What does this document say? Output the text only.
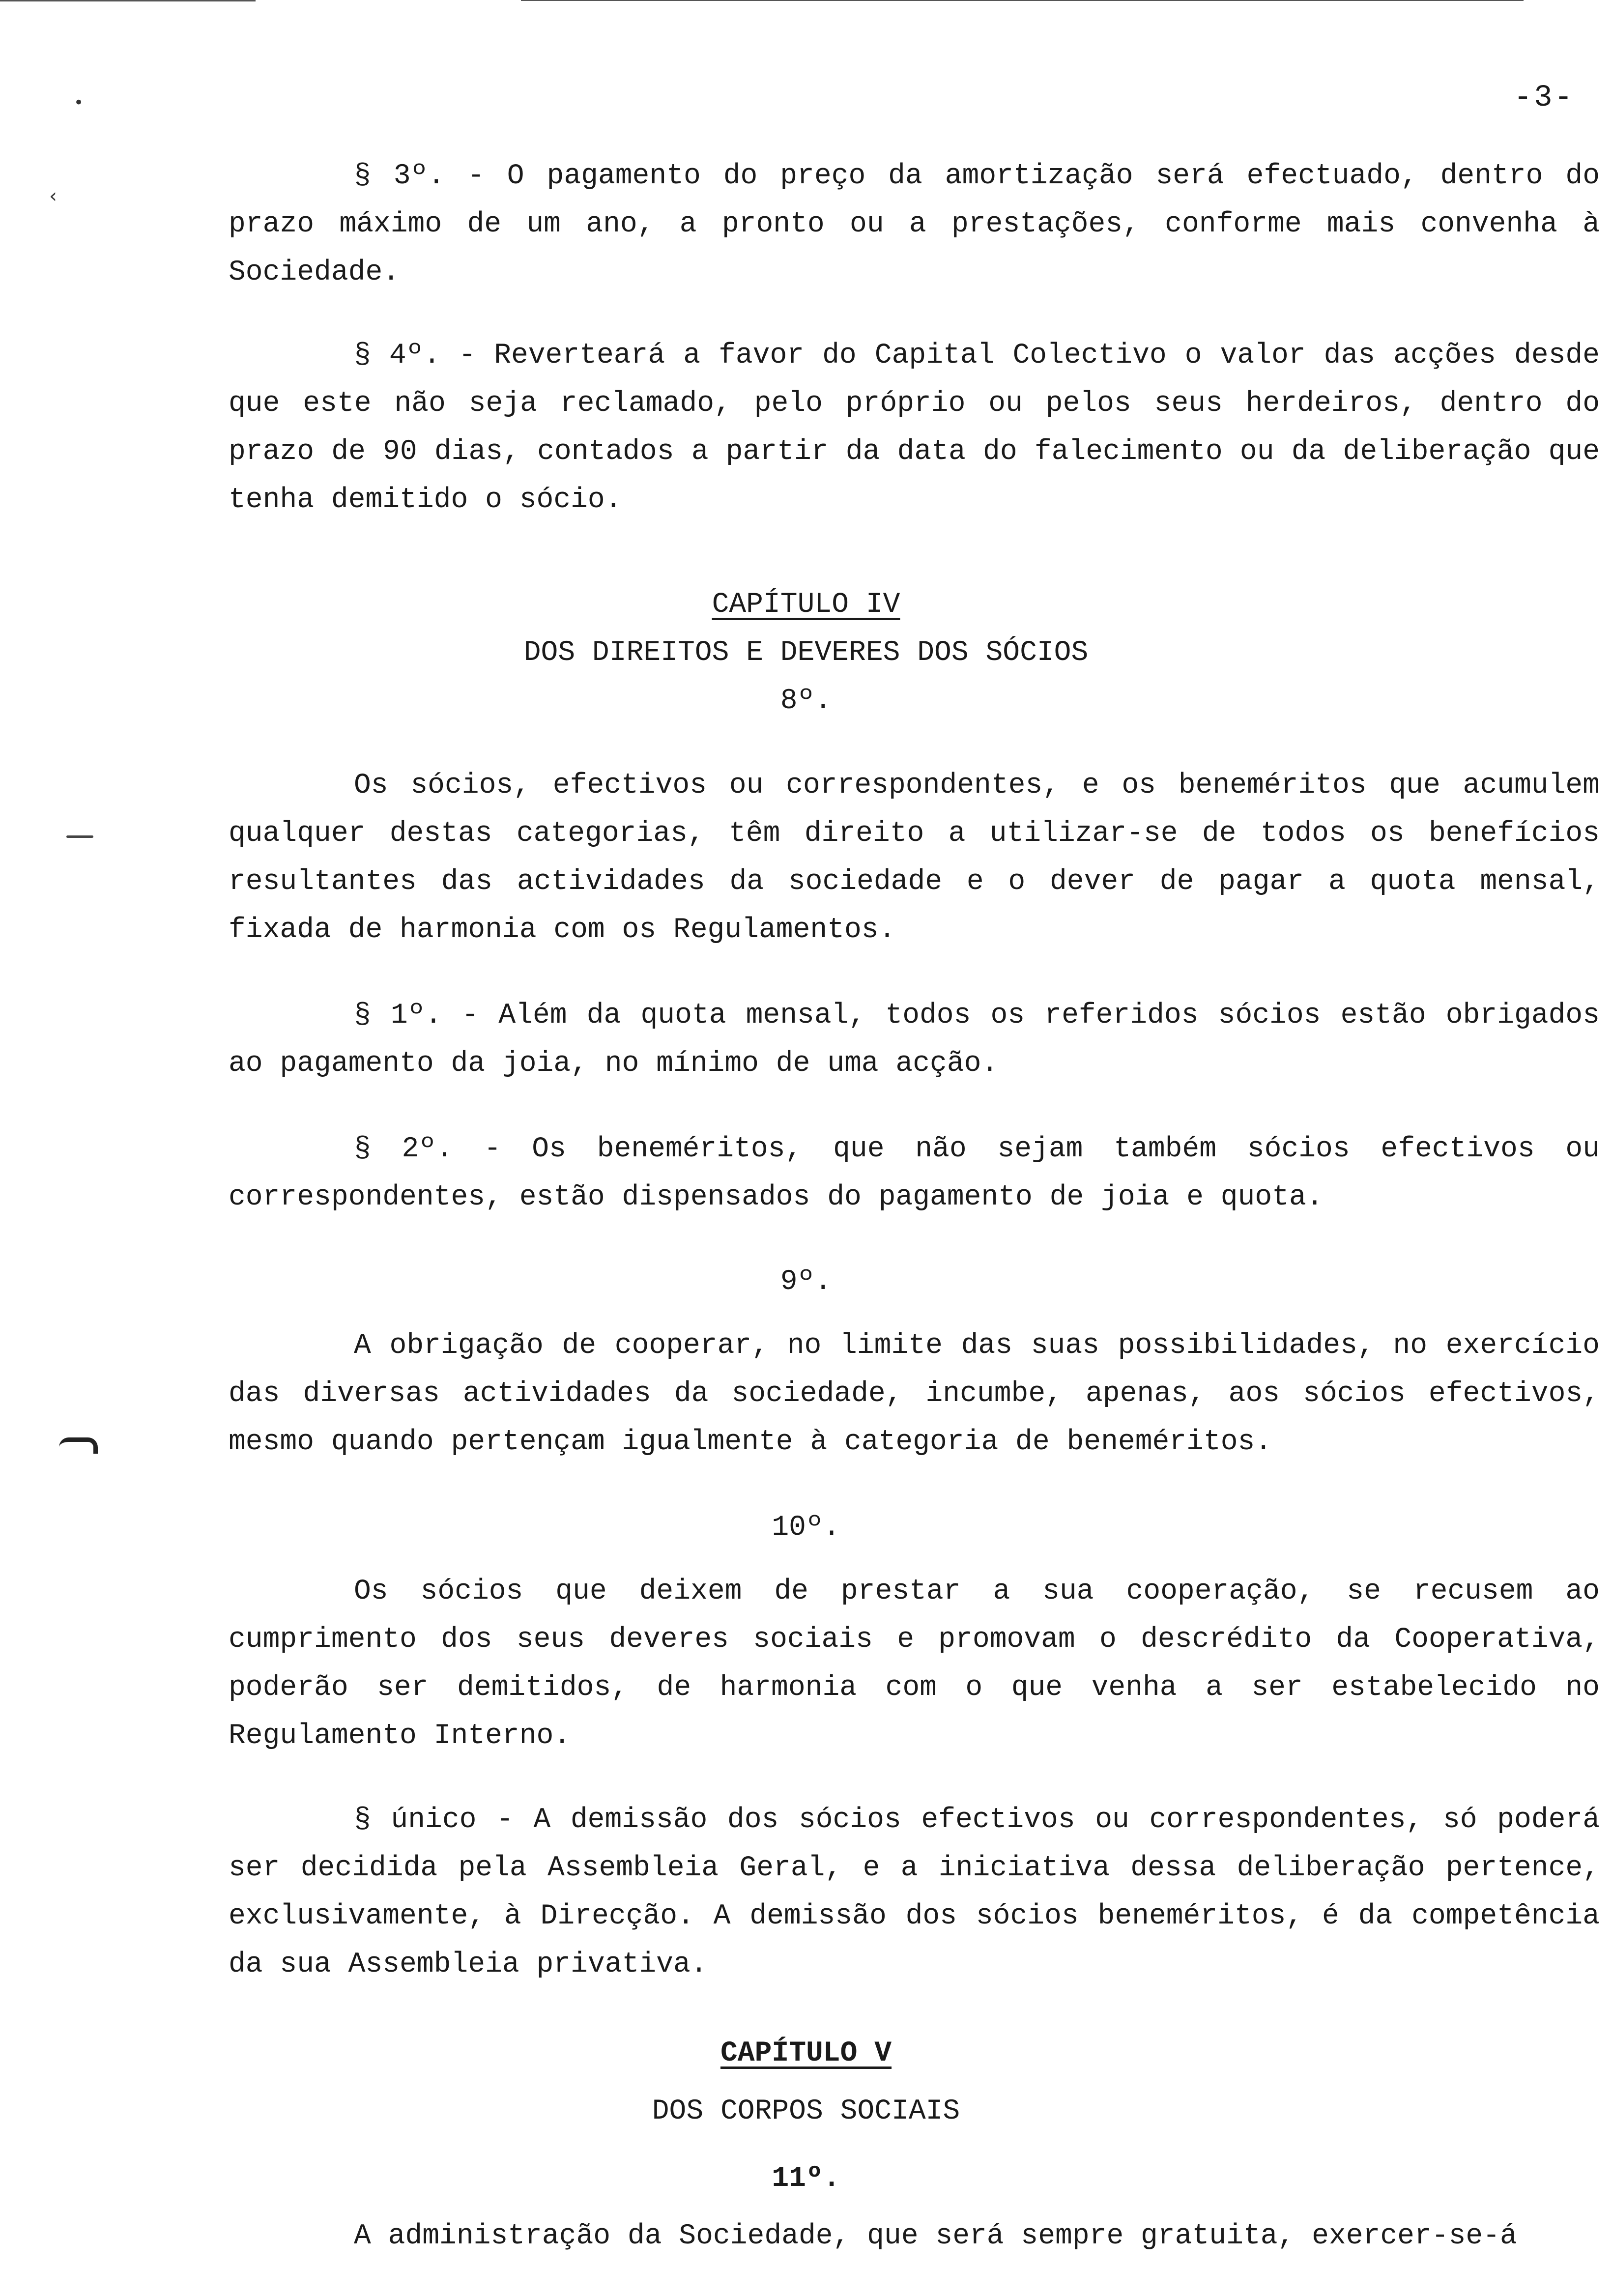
•
‹
-3-

§ 3º. - O pagamento do preço da amortização será efectuado, dentro do prazo máximo de um ano, a pronto ou a prestações, conforme mais convenha à Sociedade.

§ 4º. - Reverteará a favor do Capital Colectivo o valor das acções desde que este não seja reclamado, pelo próprio ou pelos seus herdeiros, dentro do prazo de 90 dias, contados a partir da data do falecimento ou da deliberação que tenha demitido o sócio.

CAPÍTULO IV
DOS DIREITOS E DEVERES DOS SÓCIOS
8º.

Os sócios, efectivos ou correspondentes, e os beneméritos que acumulem qualquer destas categorias, têm direito a utilizar-se de todos os benefícios resultantes das actividades da sociedade e o dever de pagar a quota mensal, fixada de harmonia com os Regulamentos.

§ 1º. - Além da quota mensal, todos os referidos sócios estão obrigados ao pagamento da joia, no mínimo de uma acção.

§ 2º. - Os beneméritos, que não sejam também sócios efectivos ou correspondentes, estão dispensados do pagamento de joia e quota.

9º.

A obrigação de cooperar, no limite das suas possibilidades, no exercício das diversas actividades da sociedade, incumbe, apenas, aos sócios efectivos, mesmo quando pertençam igualmente à categoria de beneméritos.

10º.

Os sócios que deixem de prestar a sua cooperação, se recusem ao cumprimento dos seus deveres sociais e promovam o descrédito da Cooperativa, poderão ser demitidos, de harmonia com o que venha a ser estabelecido no Regulamento Interno.

§ único - A demissão dos sócios efectivos ou correspondentes, só poderá ser decidida pela Assembleia Geral, e a iniciativa dessa deliberação pertence, exclusivamente, à Direcção. A demissão dos sócios beneméritos, é da competência da sua Assembleia privativa.

CAPÍTULO V
DOS CORPOS SOCIAIS
11º.

A administração da Sociedade, que será sempre gratuita, exercer-se-á
